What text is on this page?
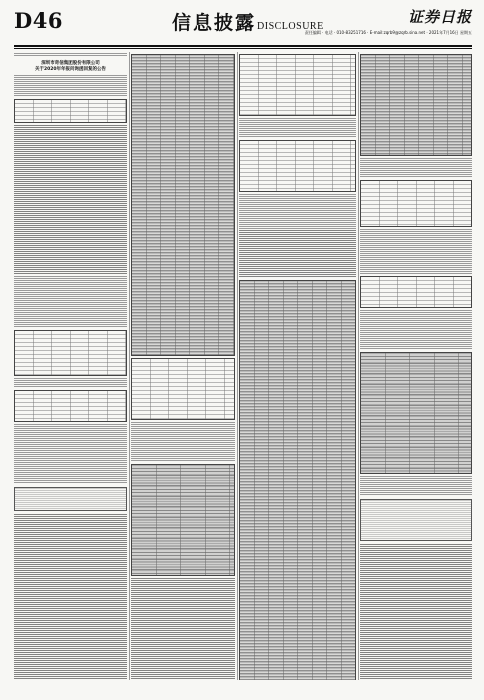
D46	信息披露DISCLOSURE
证券日报
责任编辑 · 电话 · 010-83251716 · E-mail:zqrb9@zqrb.sina.net · 2021年7月16日 星期五
深圳市奇信集团股份有限公司
关于2020年年报问询函回复的公告
